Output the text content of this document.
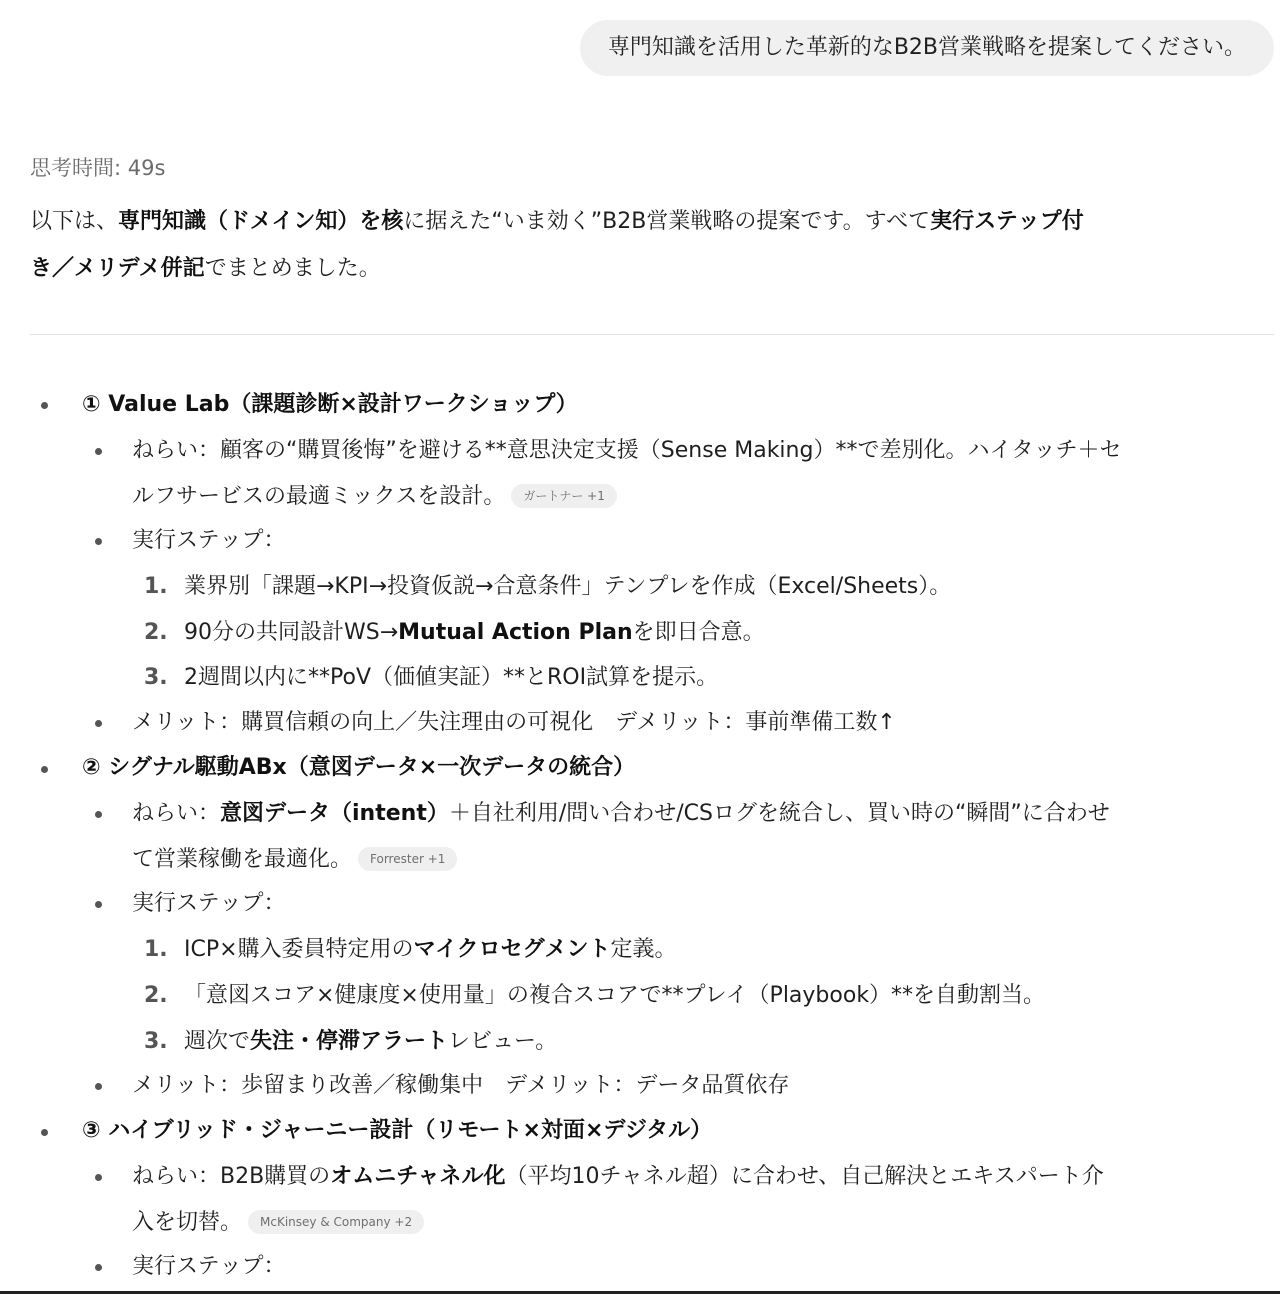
専門知識を活用した革新的なB2B営業戦略を提案してください。
思考時間: 49s
以下は、専門知識（ドメイン知）を核に据えた“いま効く”B2B営業戦略の提案です。すべて実行ステップ付
き／メリデメ併記でまとめました。
① Value Lab（課題診断×設計ワークショップ）
ねらい：顧客の“購買後悔”を避ける**意思決定支援（Sense Making）**で差別化。ハイタッチ＋セ
ルフサービスの最適ミックスを設計。 ガートナー +1
実行ステップ：
1. 業界別「課題→KPI→投資仮説→合意条件」テンプレを作成（Excel/Sheets）。
2. 90分の共同設計WS→Mutual Action Planを即日合意。
3. 2週間以内に**PoV（価値実証）**とROI試算を提示。
メリット：購買信頼の向上／失注理由の可視化　デメリット：事前準備工数↑
② シグナル駆動ABx（意図データ×一次データの統合）
ねらい：意図データ（intent）＋自社利用/問い合わせ/CSログを統合し、買い時の“瞬間”に合わせ
て営業稼働を最適化。 Forrester +1
実行ステップ：
1. ICP×購入委員特定用のマイクロセグメント定義。
2. 「意図スコア×健康度×使用量」の複合スコアで**プレイ（Playbook）**を自動割当。
3. 週次で失注・停滞アラートレビュー。
メリット：歩留まり改善／稼働集中　デメリット：データ品質依存
③ ハイブリッド・ジャーニー設計（リモート×対面×デジタル）
ねらい：B2B購買のオムニチャネル化（平均10チャネル超）に合わせ、自己解決とエキスパート介
入を切替。 McKinsey & Company +2
実行ステップ：
